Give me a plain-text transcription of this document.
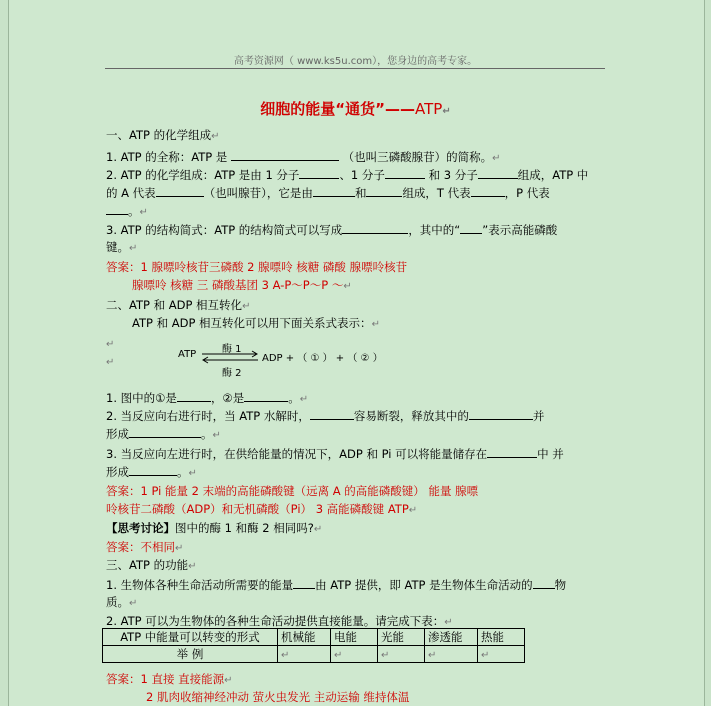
高考资源网（ www.ks5u.com），您身边的高考专家。
细胞的能量“通货”——ATP↵
一、ATP 的化学组成↵
1. ATP 的全称：ATP 是	（也叫三磷酸腺苷）的简称。↵
2. ATP 的化学组成：ATP 是由 1 分子	、1 分子	和 3 分子	组成，ATP 中
的 A 代表	（也叫腺苷），它是由	和	组成，T 代表	，P 代表
。↵
3. ATP 的结构简式：ATP 的结构简式可以写成	，其中的“ ”表示高能磷酸
键。↵
答案：1 腺嘌呤核苷三磷酸 2 腺嘌呤 核糖 磷酸 腺嘌呤核苷
腺嘌呤 核糖 三 磷酸基团 3 A-P～P～P ～↵
二、ATP 和 ADP 相互转化↵
ATP 和 ADP 相互转化可以用下面关系式表示：↵
↵
↵
ATP	酶 1
酶 2
ADP + （ ① ） + （ ② ）
1. 图中的①是	，②是	。↵
2. 当反应向右进行时，当 ATP 水解时，	容易断裂，释放其中的	并
形成	。↵
3. 当反应向左进行时，在供给能量的情况下，ADP 和 Pi 可以将能量储存在	中 并
形成	。↵
答案：1 Pi 能量 2 末端的高能磷酸键（远离 A 的高能磷酸键） 能量 腺嘌
呤核苷二磷酸（ADP）和无机磷酸（Pi） 3 高能磷酸键 ATP↵
【思考讨论】图中的酶 1 和酶 2 相同吗?↵
答案：不相同↵
三、ATP 的功能↵
1. 生物体各种生命活动所需要的能量 由 ATP 提供，即 ATP 是生物体生命活动的 物
质。↵
2. ATP 可以为生物体的各种生命活动提供直接能量。请完成下表：↵
ATP 中能量可以转变的形式	机械能	电能	光能	渗透能	热能
举 例	↵	↵	↵	↵	↵
答案：1 直接 直接能源↵
2 肌肉收缩神经冲动 萤火虫发光 主动运输 维持体温
